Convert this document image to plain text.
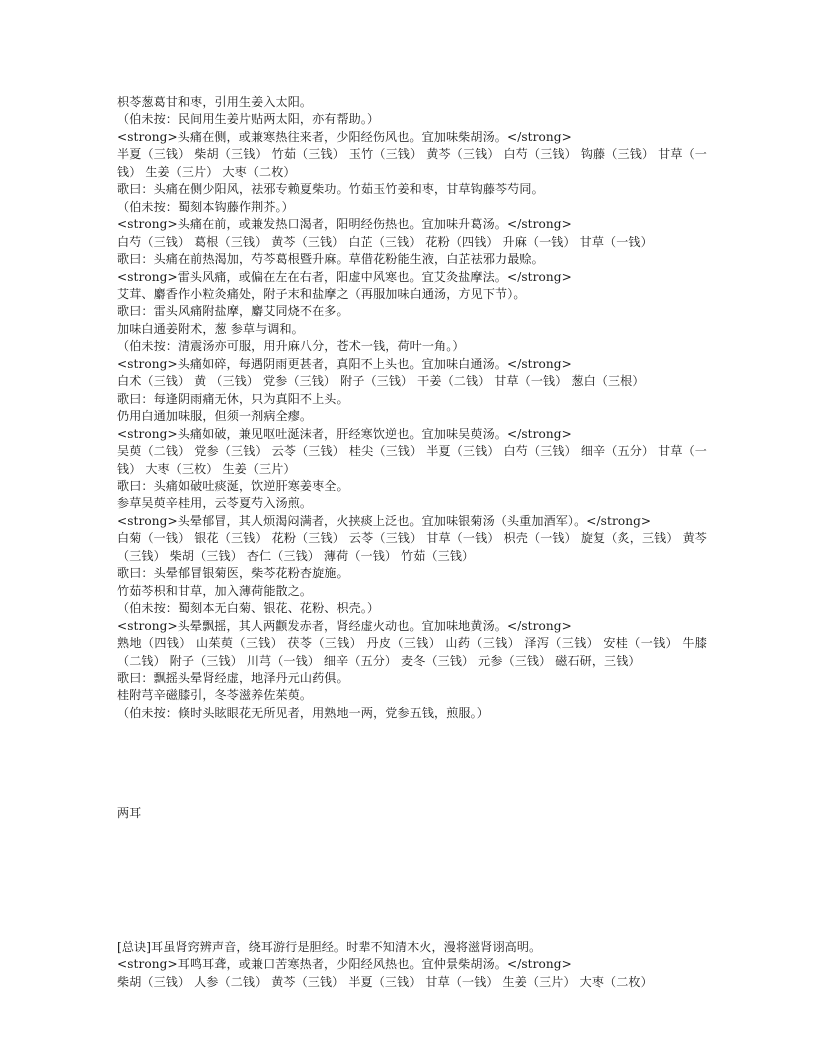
枳苓葱葛甘和枣，引用生姜入太阳。

（伯未按：民间用生姜片贴两太阳，亦有帮助。）

<strong>头痛在侧，或兼寒热往来者，少阳经伤风也。宜加味柴胡汤。</strong>

半夏（三钱） 柴胡（三钱） 竹茹（三钱） 玉竹（三钱） 黄芩（三钱） 白芍（三钱） 钩藤（三钱） 甘草（一钱） 生姜（三片） 大枣（二枚）

歌曰：头痛在侧少阳风，祛邪专赖夏柴功。竹茹玉竹姜和枣，甘草钩藤芩芍同。

（伯未按：蜀刻本钩藤作荆芥。）

<strong>头痛在前，或兼发热口渴者，阳明经伤热也。宜加味升葛汤。</strong>

白芍（三钱） 葛根（三钱） 黄芩（三钱） 白芷（三钱） 花粉（四钱） 升麻（一钱） 甘草（一钱）

歌曰：头痛在前热渴加，芍芩葛根暨升麻。草借花粉能生液，白芷祛邪力最赊。

<strong>雷头风痛，或偏在左在右者，阳虚中风寒也。宜艾灸盐摩法。</strong>

艾茸、麝香作小粒灸痛处，附子末和盐摩之（再服加味白通汤，方见下节）。

歌曰：雷头风痛附盐摩，麝艾同烧不在多。

加味白通姜附术，葱 参草与调和。

（伯未按：清震汤亦可服，用升麻八分，苍术一钱，荷叶一角。）

<strong>头痛如碎，每遇阴雨更甚者，真阳不上头也。宜加味白通汤。</strong>

白术（三钱） 黄 （三钱） 党参（三钱） 附子（三钱） 干姜（二钱） 甘草（一钱） 葱白（三根）

歌曰：每逢阴雨痛无休，只为真阳不上头。

仍用白通加味服，但须一剂病全瘳。

<strong>头痛如破，兼见呕吐涎沫者，肝经寒饮逆也。宜加味吴萸汤。</strong>

吴萸（二钱） 党参（三钱） 云苓（三钱） 桂尖（三钱） 半夏（三钱） 白芍（三钱） 细辛（五分） 甘草（一钱） 大枣（三枚） 生姜（三片）

歌曰：头痛如破吐痰涎，饮逆肝寒姜枣全。

参草吴萸辛桂用，云苓夏芍入汤煎。

<strong>头晕郁冒，其人烦渴闷满者，火挟痰上泛也。宜加味银菊汤（头重加酒军）。</strong>

白菊（一钱） 银花（三钱） 花粉（三钱） 云苓（三钱） 甘草（一钱） 枳壳（一钱） 旋复（炙，三钱） 黄芩（三钱） 柴胡（三钱） 杏仁（三钱） 薄荷（一钱） 竹茹（三钱）

歌曰：头晕郁冒银菊医，柴芩花粉杏旋施。

竹茹芩枳和甘草，加入薄荷能散之。

（伯未按：蜀刻本无白菊、银花、花粉、枳壳。）

<strong>头晕飘摇，其人两颧发赤者，肾经虚火动也。宜加味地黄汤。</strong>

熟地（四钱） 山茱萸（三钱） 茯苓（三钱） 丹皮（三钱） 山药（三钱） 泽泻（三钱） 安桂（一钱） 牛膝（二钱） 附子（三钱） 川芎（一钱） 细辛（五分） 麦冬（三钱） 元参（三钱） 磁石研，三钱）

歌曰：飘摇头晕肾经虚，地泽丹元山药俱。

桂附芎辛磁膝引，冬苓滋养佐茱萸。

（伯未按：倏时头眩眼花无所见者，用熟地一两，党参五钱，煎服。）

两耳

[总诀]耳虽肾窍辨声音，绕耳游行是胆经。时辈不知清木火，漫将滋肾诩高明。

<strong>耳鸣耳聋，或兼口苦寒热者，少阳经风热也。宜仲景柴胡汤。</strong>

柴胡（三钱） 人参（二钱） 黄芩（三钱） 半夏（三钱） 甘草（一钱） 生姜（三片） 大枣（二枚）
